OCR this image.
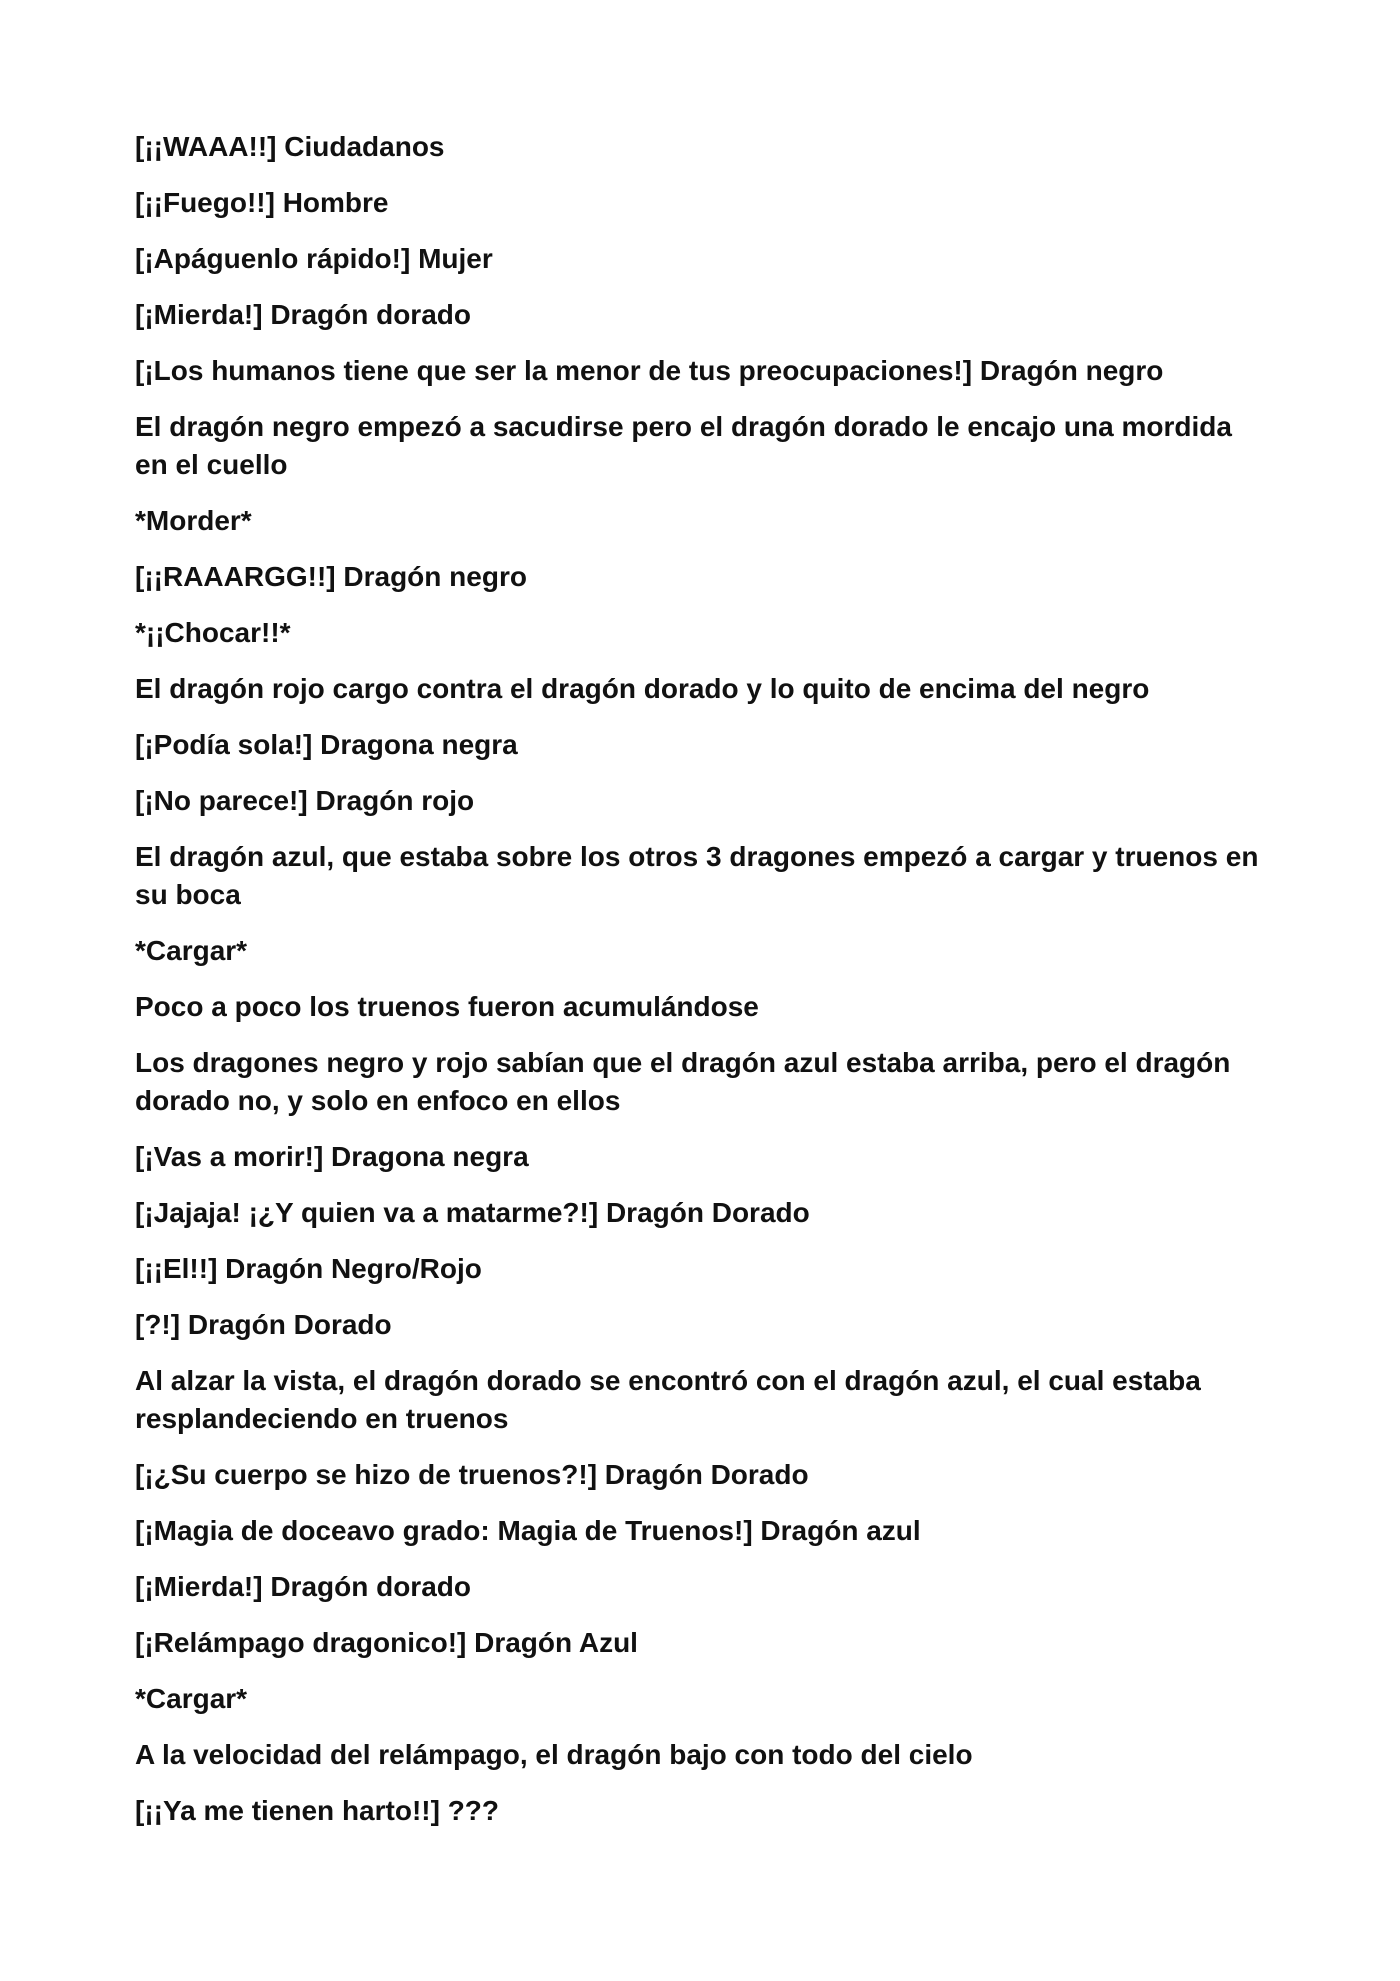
[¡¡WAAA!!] Ciudadanos

[¡¡Fuego!!] Hombre

[¡Apáguenlo rápido!] Mujer

[¡Mierda!] Dragón dorado

[¡Los humanos tiene que ser la menor de tus preocupaciones!] Dragón negro

El dragón negro empezó a sacudirse pero el dragón dorado le encajo una mordida en el cuello

*Morder*

[¡¡RAAARGG!!] Dragón negro

*¡¡Chocar!!*

El dragón rojo cargo contra el dragón dorado y lo quito de encima del negro

[¡Podía sola!] Dragona negra

[¡No parece!] Dragón rojo

El dragón azul, que estaba sobre los otros 3 dragones empezó a cargar y truenos en su boca

*Cargar*

Poco a poco los truenos fueron acumulándose

Los dragones negro y rojo sabían que el dragón azul estaba arriba, pero el dragón dorado no, y solo en enfoco en ellos

[¡Vas a morir!] Dragona negra

[¡Jajaja! ¡¿Y quien va a matarme?!] Dragón Dorado

[¡¡El!!] Dragón Negro/Rojo

[?!] Dragón Dorado

Al alzar la vista, el dragón dorado se encontró con el dragón azul, el cual estaba resplandeciendo en truenos

[¡¿Su cuerpo se hizo de truenos?!] Dragón Dorado

[¡Magia de doceavo grado: Magia de Truenos!] Dragón azul

[¡Mierda!] Dragón dorado

[¡Relámpago dragonico!] Dragón Azul

*Cargar*

A la velocidad del relámpago, el dragón bajo con todo del cielo

[¡¡Ya me tienen harto!!] ???
